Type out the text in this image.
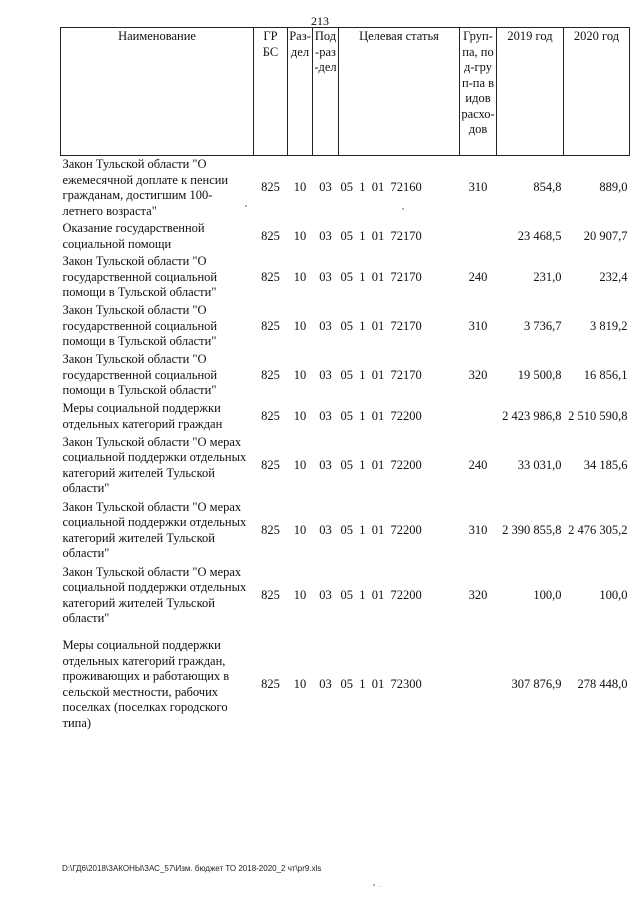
213
Наименование	ГРБС	Раз-дел	Под-раз-дел	Целевая статья	Груп-па, под-груп-па видов расхо-дов	2019 год	2020 год
Закон Тульской области "О ежемесячной доплате к пенсии гражданам, достигшим 100-летнего возраста"	825	10	03	05  1  01  72160	310	854,8	889,0
Оказание государственной социальной помощи	825	10	03	05  1  01  72170		23 468,5	20 907,7
Закон Тульской области "О государственной социальной помощи в Тульской области"	825	10	03	05  1  01  72170	240	231,0	232,4
Закон Тульской области "О государственной социальной помощи в Тульской области"	825	10	03	05  1  01  72170	310	3 736,7	3 819,2
Закон Тульской области "О государственной социальной помощи в Тульской области"	825	10	03	05  1  01  72170	320	19 500,8	16 856,1
Меры социальной поддержки отдельных категорий граждан	825	10	03	05  1  01  72200		2 423 986,8	2 510 590,8
Закон Тульской области "О мерах социальной поддержки отдельных категорий жителей Тульской области"	825	10	03	05  1  01  72200	240	33 031,0	34 185,6
Закон Тульской области "О мерах социальной поддержки отдельных категорий жителей Тульской области"	825	10	03	05  1  01  72200	310	2 390 855,8	2 476 305,2
Закон Тульской области "О мерах социальной поддержки отдельных категорий жителей Тульской области"	825	10	03	05  1  01  72200	320	100,0	100,0
Меры социальной поддержки отдельных категорий граждан, проживающих и работающих в сельской местности, рабочих поселках (поселках городского типа)	825	10	03	05  1  01  72300		307 876,9	278 448,0
D:\ГД6\2018\ЗАКОНЫ\ЗАС_57\Изм. бюджет ТО 2018-2020_2 чт\pr9.xls
